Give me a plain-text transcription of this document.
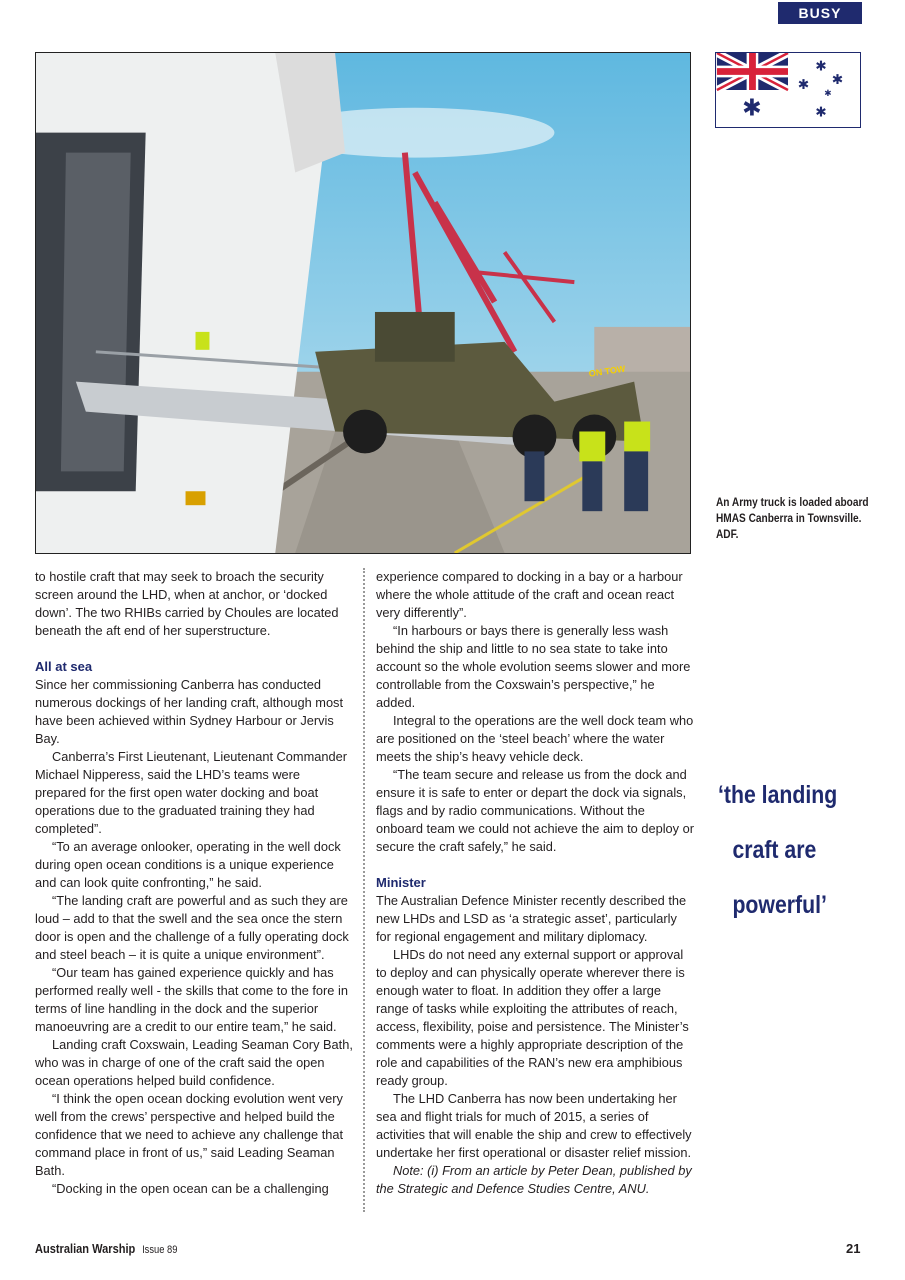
BUSY TIME
✱
✱
✱ ✱
✱
✱
ON TOW
An Army truck is loaded aboard
HMAS Canberra in Townsville.
ADF.

to hostile craft that may seek to broach the security screen around the LHD, when at anchor, or ‘docked down’. The two RHIBs carried by Choules are located beneath the aft end of her superstructure.

All at sea

Since her commissioning Canberra has conducted numerous dockings of her landing craft, although most have been achieved within Sydney Harbour or Jervis Bay.

Canberra’s First Lieutenant, Lieutenant Commander Michael Nipperess, said the LHD’s teams were prepared for the first open water docking and boat operations due to the graduated training they had completed”.

“To an average onlooker, operating in the well dock during open ocean conditions is a unique experience and can look quite confronting,” he said.

“The landing craft are powerful and as such they are loud – add to that the swell and the sea once the stern door is open and the challenge of a fully operating dock and steel beach – it is quite a unique environment”.

“Our team has gained experience quickly and has performed really well - the skills that come to the fore in terms of line handling in the dock and the superior manoeuvring are a credit to our entire team,” he said.

Landing craft Coxswain, Leading Seaman Cory Bath, who was in charge of one of the craft said the open ocean operations helped build confidence.

“I think the open ocean docking evolution went very well from the crews’ perspective and helped build the confidence that we need to achieve any challenge that command place in front of us,” said Leading Seaman Bath.

“Docking in the open ocean can be a challenging

experience compared to docking in a bay or a harbour where the whole attitude of the craft and ocean react very differently”.

“In harbours or bays there is generally less wash behind the ship and little to no sea state to take into account so the whole evolution seems slower and more controllable from the Coxswain’s perspective,” he added.

Integral to the operations are the well dock team who are positioned on the ‘steel beach’ where the water meets the ship’s heavy vehicle deck.

“The team secure and release us from the dock and ensure it is safe to enter or depart the dock via signals, flags and by radio communications. Without the onboard team we could not achieve the aim to deploy or secure the craft safely,” he said.

Minister

The Australian Defence Minister recently described the new LHDs and LSD as ‘a strategic asset’, particularly for regional engagement and military diplomacy.

LHDs do not need any external support or approval to deploy and can physically operate wherever there is enough water to float. In addition they offer a large range of tasks while exploiting the attributes of reach, access, flexibility, poise and persistence. The Minister’s comments were a highly appropriate description of the role and capabilities of the RAN’s new era amphibious ready group.

The LHD Canberra has now been undertaking her sea and flight trials for much of 2015, a series of activities that will enable the ship and crew to effectively undertake her first operational or disaster relief mission.

Note: (i) From an article by Peter Dean, published by the Strategic and Defence Studies Centre, ANU.

‘the landing
craft are
powerful’
Australian Warship Issue 89	21
